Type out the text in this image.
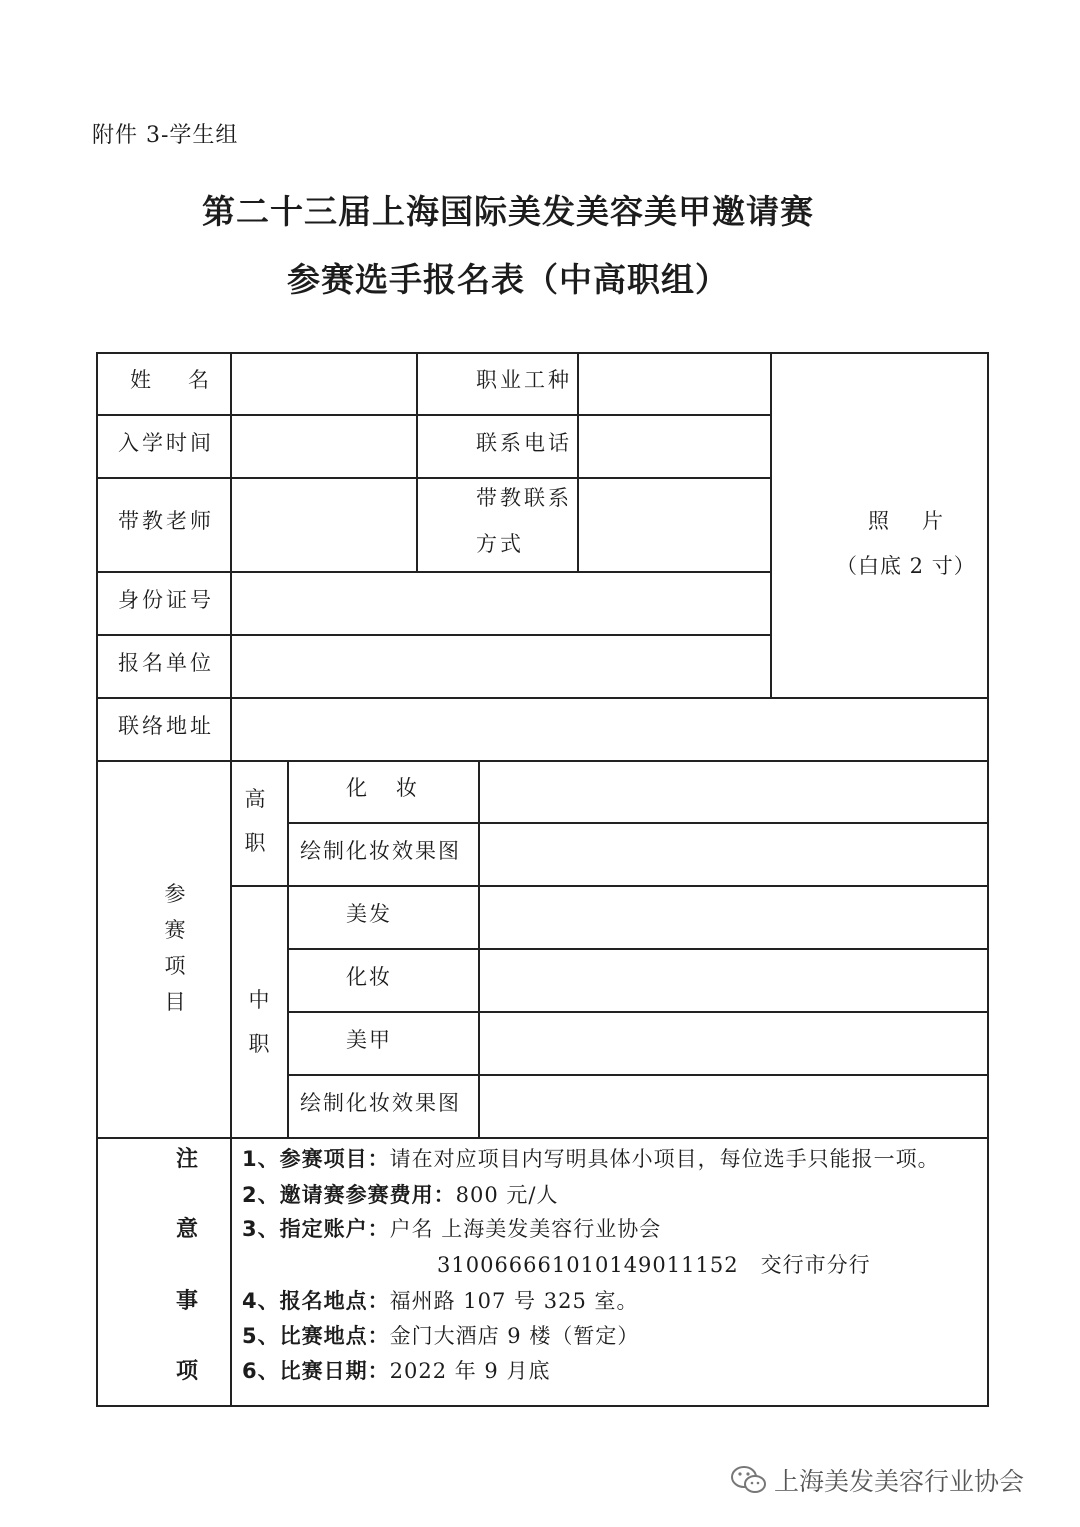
附件 3-学生组
第二十三届上海国际美发美容美甲邀请赛
参赛选手报名表（中高职组）
姓　名	职业工种
入学时间	联系电话
带教老师
带教联系
方式
照　片
（白底 2 寸）
身份证号
报名单位
联络地址
参
赛
项
目
高
职
中
职
化　妆
绘制化妆效果图
美发
化妆
美甲
绘制化妆效果图
注
意
事
项
1、参赛项目：请在对应项目内写明具体小项目，每位选手只能报一项。
2、邀请赛参赛费用：800 元/人
3、指定账户：户名 上海美发美容行业协会
31006666101014901115​2　交行市分行
4、报名地点：福州路 107 号 325 室。
5、比赛地点：金门大酒店 9 楼（暂定）
6、比赛日期：2022 年 9 月底
上海美发美容行业协会
